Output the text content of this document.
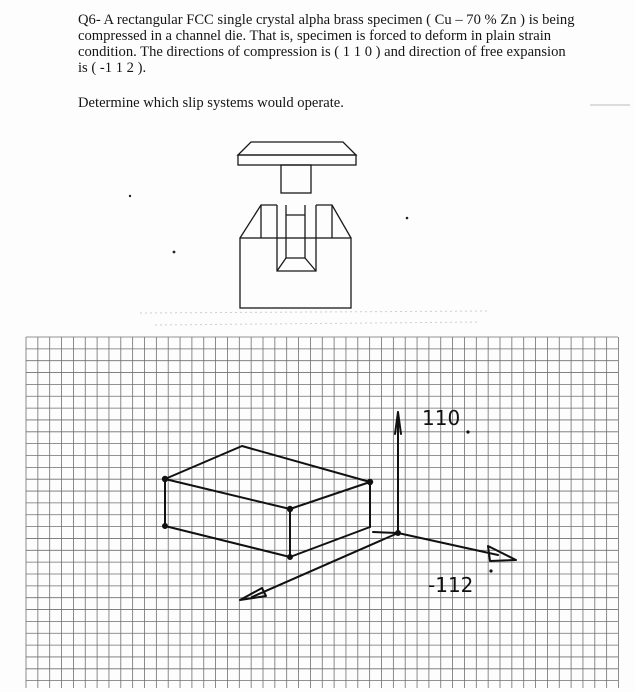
Q6- A rectangular FCC single crystal alpha brass specimen ( Cu – 70 % Zn ) is being compressed in a channel die. That is, specimen is forced to deform in plain strain condition. The directions of compression is ( 1 1 0 ) and direction of free expansion is ( -1 1 2 ).

Determine which slip systems would operate.

110
-112
